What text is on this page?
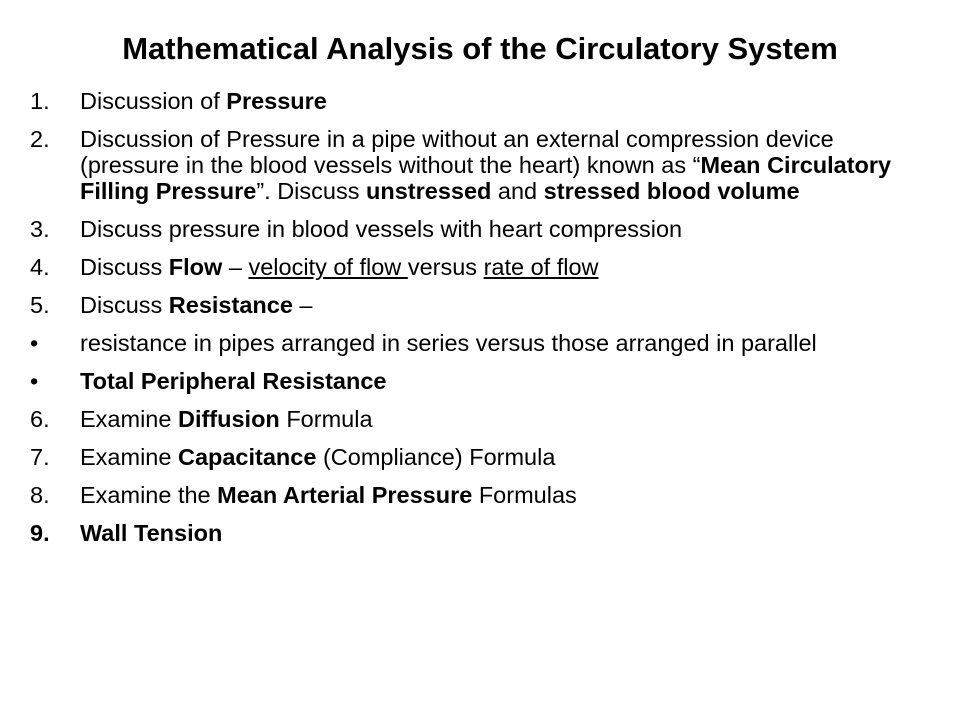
Mathematical Analysis of the Circulatory System
1.	Discussion of Pressure
2.	Discussion of Pressure in a pipe without an external compression device (pressure in the blood vessels without the heart) known as “Mean Circulatory Filling Pressure”. Discuss unstressed and stressed blood volume
3.	Discuss pressure in blood vessels with heart compression
4.	Discuss Flow – velocity of flow versus rate of flow
5.	Discuss Resistance –
•	resistance in pipes arranged in series versus those arranged in parallel
•	Total Peripheral Resistance
6.	Examine Diffusion Formula
7.	Examine Capacitance (Compliance) Formula
8.	Examine the Mean Arterial Pressure Formulas
9.	Wall Tension
